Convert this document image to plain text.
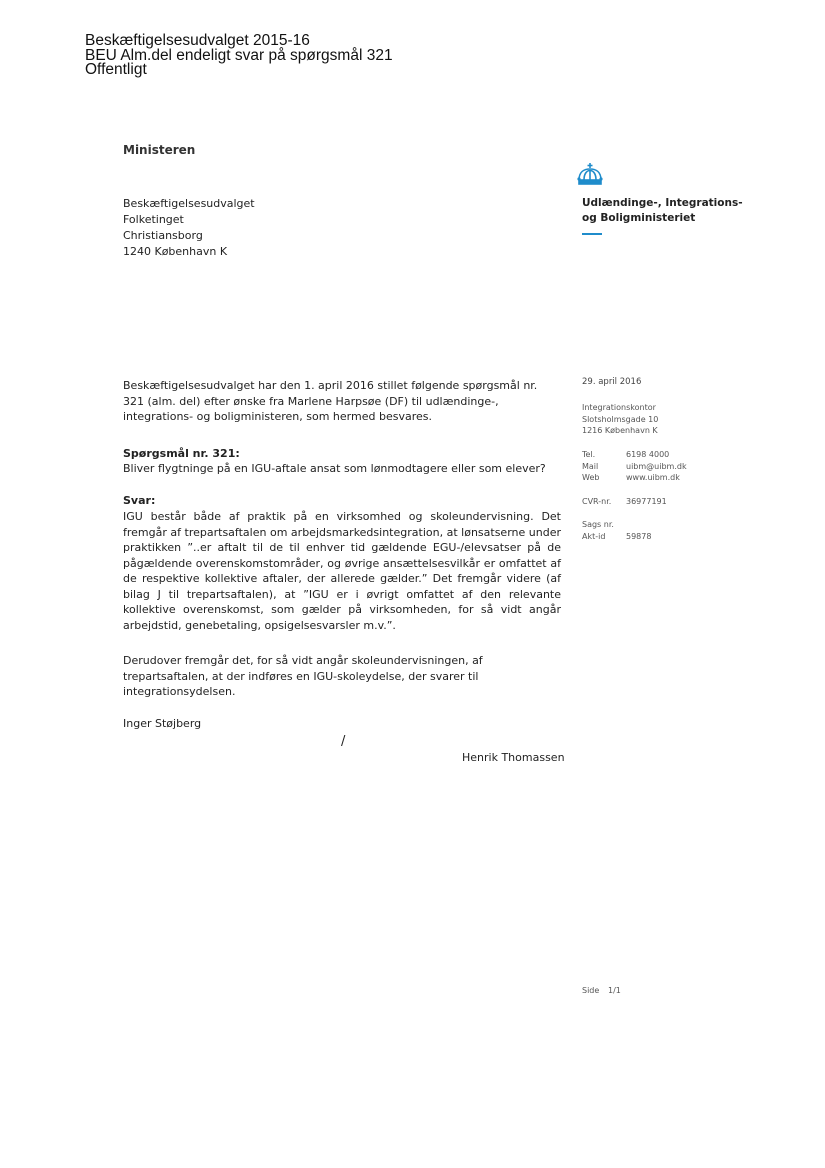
Beskæftigelsesudvalget 2015-16
BEU Alm.del endeligt svar på spørgsmål 321
Offentligt
Ministeren
Beskæftigelsesudvalget
Folketinget
Christiansborg
1240 København K
Udlændinge-, Integrations-
og Boligministeriet
Beskæftigelsesudvalget har den 1. april 2016 stillet følgende spørgsmål nr. 321 (alm. del) efter ønske fra Marlene Harpsøe (DF) til udlændinge-, integrations- og boligministeren, som hermed besvares.
Spørgsmål nr. 321:
Bliver flygtninge på en IGU-aftale ansat som lønmodtagere eller som elever?
Svar:
IGU består både af praktik på en virksomhed og skoleundervisning. Det fremgår af trepartsaftalen om arbejdsmarkedsintegration, at lønsatserne under praktikken ”..er aftalt til de til enhver tid gældende EGU-/elevsatser på de pågældende overenskomstområder, og øvrige ansættelsesvilkår er omfattet af de respektive kollektive aftaler, der allerede gælder.” Det fremgår videre (af bilag J til trepartsaftalen), at ”IGU er i øvrigt omfattet af den relevante kollektive overenskomst, som gælder på virksomheden, for så vidt angår arbejdstid, genebetaling, opsigelsesvarsler m.v.”.
Derudover fremgår det, for så vidt angår skoleundervisningen, af trepartsaftalen, at der indføres en IGU-skoleydelse, der svarer til integrationsydelsen.
Inger Støjberg
/
Henrik Thomassen
29. april 2016
Integrationskontor
Slotsholmsgade 10
1216 København K
Tel.	6198 4000
Mail	uibm@uibm.dk
Web	www.uibm.dk
CVR-nr.	36977191
Sags nr.
Akt-id	59878
Side	1/1
